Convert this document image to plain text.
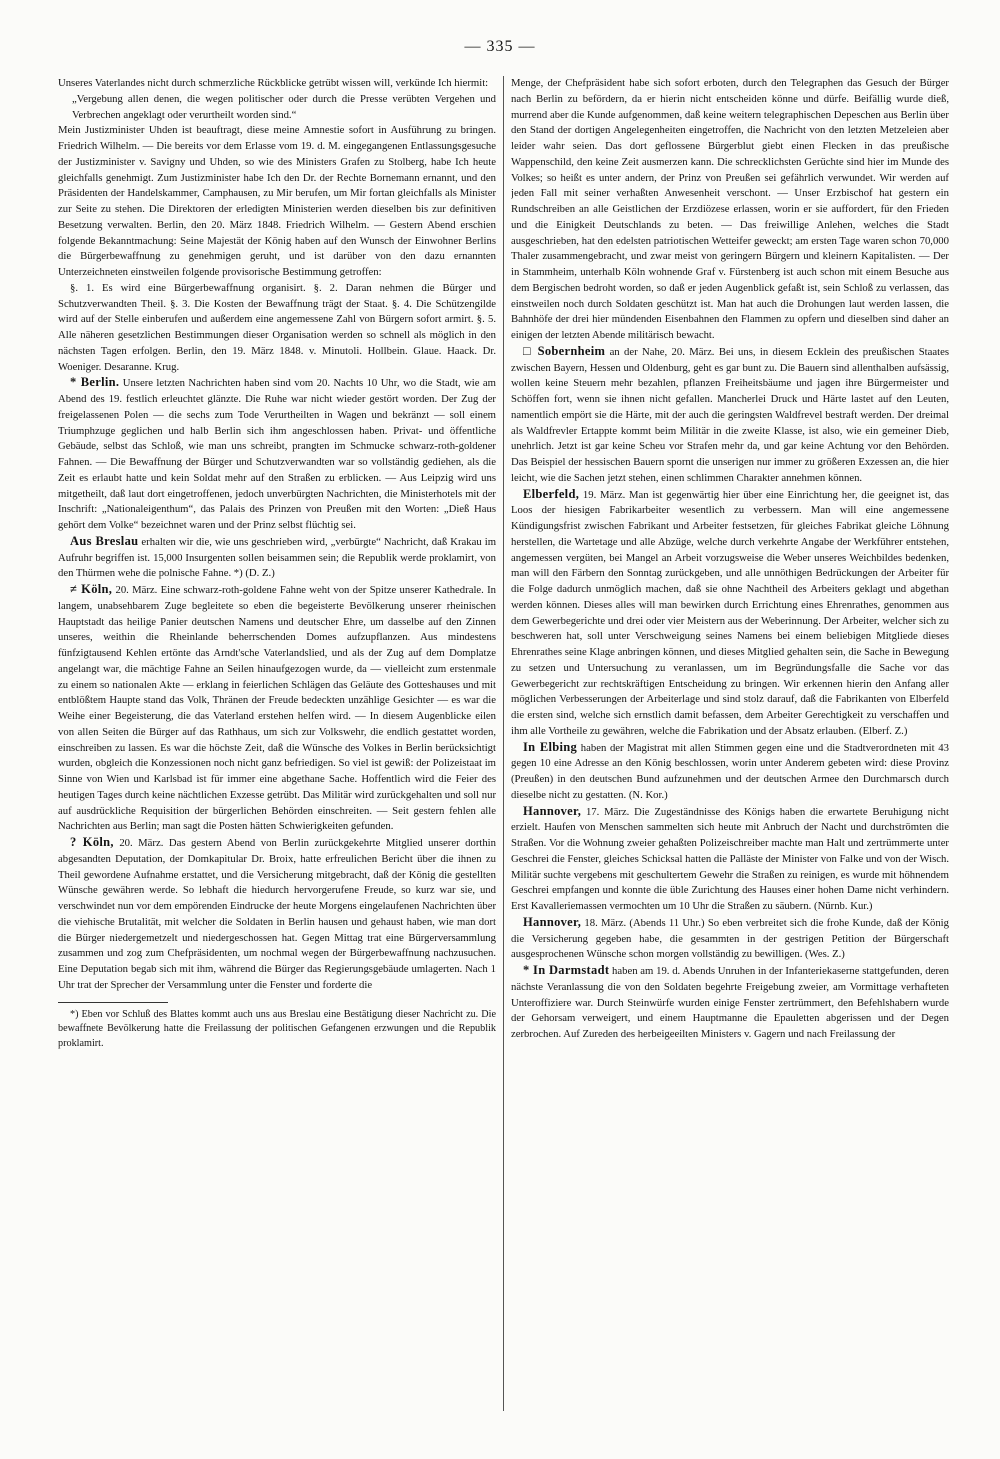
— 335 —

Unseres Vaterlandes nicht durch schmerzliche Rückblicke getrübt wissen will, verkünde Ich hiermit:

„Vergebung allen denen, die wegen politischer oder durch die Presse verübten Vergehen und Verbrechen angeklagt oder verurtheilt worden sind.“

Mein Justizminister Uhden ist beauftragt, diese meine Amnestie sofort in Ausführung zu bringen. Friedrich Wilhelm. — Die bereits vor dem Erlasse vom 19. d. M. eingegangenen Entlassungsgesuche der Justizminister v. Savigny und Uhden, so wie des Ministers Grafen zu Stolberg, habe Ich heute gleichfalls genehmigt. Zum Justizminister habe Ich den Dr. der Rechte Bornemann ernannt, und den Präsidenten der Handelskammer, Camphausen, zu Mir berufen, um Mir fortan gleichfalls als Minister zur Seite zu stehen. Die Direktoren der erledigten Ministerien werden dieselben bis zur definitiven Besetzung verwalten. Berlin, den 20. März 1848. Friedrich Wilhelm. — Gestern Abend erschien folgende Bekanntmachung: Seine Majestät der König haben auf den Wunsch der Einwohner Berlins die Bürgerbewaffnung zu genehmigen geruht, und ist darüber von den dazu ernannten Unterzeichneten einstweilen folgende provisorische Bestimmung getroffen:

§. 1. Es wird eine Bürgerbewaffnung organisirt. §. 2. Daran nehmen die Bürger und Schutzverwandten Theil. §. 3. Die Kosten der Bewaffnung trägt der Staat. §. 4. Die Schützengilde wird auf der Stelle einberufen und außerdem eine angemessene Zahl von Bürgern sofort armirt. §. 5. Alle näheren gesetzlichen Bestimmungen dieser Organisation werden so schnell als möglich in den nächsten Tagen erfolgen. Berlin, den 19. März 1848. v. Minutoli. Hollbein. Glaue. Haack. Dr. Woeniger. Desaranne. Krug.

* Berlin. Unsere letzten Nachrichten haben sind vom 20. Nachts 10 Uhr, wo die Stadt, wie am Abend des 19. festlich erleuchtet glänzte. Die Ruhe war nicht wieder gestört worden. Der Zug der freigelassenen Polen — die sechs zum Tode Verurtheilten in Wagen und bekränzt — soll einem Triumphzuge geglichen und halb Berlin sich ihm angeschlossen haben. Privat- und öffentliche Gebäude, selbst das Schloß, wie man uns schreibt, prangten im Schmucke schwarz-roth-goldener Fahnen. — Die Bewaffnung der Bürger und Schutzverwandten war so vollständig gediehen, als die Zeit es erlaubt hatte und kein Soldat mehr auf den Straßen zu erblicken. — Aus Leipzig wird uns mitgetheilt, daß laut dort eingetroffenen, jedoch unverbürgten Nachrichten, die Ministerhotels mit der Inschrift: „Nationaleigenthum“, das Palais des Prinzen von Preußen mit den Worten: „Dieß Haus gehört dem Volke“ bezeichnet waren und der Prinz selbst flüchtig sei.

Aus Breslau erhalten wir die, wie uns geschrieben wird, „verbürgte“ Nachricht, daß Krakau im Aufruhr begriffen ist. 15,000 Insurgenten sollen beisammen sein; die Republik werde proklamirt, von den Thürmen wehe die polnische Fahne. *) (D. Z.)

≠ Köln, 20. März. Eine schwarz-roth-goldene Fahne weht von der Spitze unserer Kathedrale. In langem, unabsehbarem Zuge begleitete so eben die begeisterte Bevölkerung unserer rheinischen Hauptstadt das heilige Panier deutschen Namens und deutscher Ehre, um dasselbe auf den Zinnen unseres, weithin die Rheinlande beherrschenden Domes aufzupflanzen. Aus mindestens fünfzigtausend Kehlen ertönte das Arndt'sche Vaterlandslied, und als der Zug auf dem Domplatze angelangt war, die mächtige Fahne an Seilen hinaufgezogen wurde, da — vielleicht zum erstenmale zu einem so nationalen Akte — erklang in feierlichen Schlägen das Geläute des Gotteshauses und mit entblößtem Haupte stand das Volk, Thränen der Freude bedeckten unzählige Gesichter — es war die Weihe einer Begeisterung, die das Vaterland erstehen helfen wird. — In diesem Augenblicke eilen von allen Seiten die Bürger auf das Rathhaus, um sich zur Volkswehr, die endlich gestattet worden, einschreiben zu lassen. Es war die höchste Zeit, daß die Wünsche des Volkes in Berlin berücksichtigt wurden, obgleich die Konzessionen noch nicht ganz befriedigen. So viel ist gewiß: der Polizeistaat im Sinne von Wien und Karlsbad ist für immer eine abgethane Sache. Hoffentlich wird die Feier des heutigen Tages durch keine nächtlichen Exzesse getrübt. Das Militär wird zurückgehalten und soll nur auf ausdrückliche Requisition der bürgerlichen Behörden einschreiten. — Seit gestern fehlen alle Nachrichten aus Berlin; man sagt die Posten hätten Schwierigkeiten gefunden.

? Köln, 20. März. Das gestern Abend von Berlin zurückgekehrte Mitglied unserer dorthin abgesandten Deputation, der Domkapitular Dr. Broix, hatte erfreulichen Bericht über die ihnen zu Theil gewordene Aufnahme erstattet, und die Versicherung mitgebracht, daß der König die gestellten Wünsche gewähren werde. So lebhaft die hiedurch hervorgerufene Freude, so kurz war sie, und verschwindet nun vor dem empörenden Eindrucke der heute Morgens eingelaufenen Nachrichten über die viehische Brutalität, mit welcher die Soldaten in Berlin hausen und gehaust haben, wie man dort die Bürger niedergemetzelt und niedergeschossen hat. Gegen Mittag trat eine Bürgerversammlung zusammen und zog zum Chefpräsidenten, um nochmal wegen der Bürgerbewaffnung nachzusuchen. Eine Deputation begab sich mit ihm, während die Bürger das Regierungsgebäude umlagerten. Nach 1 Uhr trat der Sprecher der Versammlung unter die Fenster und forderte die

*) Eben vor Schluß des Blattes kommt auch uns aus Breslau eine Bestätigung dieser Nachricht zu. Die bewaffnete Bevölkerung hatte die Freilassung der politischen Gefangenen erzwungen und die Republik proklamirt.

Menge, der Chefpräsident habe sich sofort erboten, durch den Telegraphen das Gesuch der Bürger nach Berlin zu befördern, da er hierin nicht entscheiden könne und dürfe. Beifällig wurde dieß, murrend aber die Kunde aufgenommen, daß keine weitern telegraphischen Depeschen aus Berlin über den Stand der dortigen Angelegenheiten eingetroffen, die Nachricht von den letzten Metzeleien aber leider wahr seien. Das dort geflossene Bürgerblut giebt einen Flecken in das preußische Wappenschild, den keine Zeit ausmerzen kann. Die schrecklichsten Gerüchte sind hier im Munde des Volkes; so heißt es unter andern, der Prinz von Preußen sei gefährlich verwundet. Wir werden auf jeden Fall mit seiner verhaßten Anwesenheit verschont. — Unser Erzbischof hat gestern ein Rundschreiben an alle Geistlichen der Erzdiözese erlassen, worin er sie auffordert, für den Frieden und die Einigkeit Deutschlands zu beten. — Das freiwillige Anlehen, welches die Stadt ausgeschrieben, hat den edelsten patriotischen Wetteifer geweckt; am ersten Tage waren schon 70,000 Thaler zusammengebracht, und zwar meist von geringern Bürgern und kleinern Kapitalisten. — Der in Stammheim, unterhalb Köln wohnende Graf v. Fürstenberg ist auch schon mit einem Besuche aus dem Bergischen bedroht worden, so daß er jeden Augenblick gefaßt ist, sein Schloß zu verlassen, das einstweilen noch durch Soldaten geschützt ist. Man hat auch die Drohungen laut werden lassen, die Bahnhöfe der drei hier mündenden Eisenbahnen den Flammen zu opfern und dieselben sind daher an einigen der letzten Abende militärisch bewacht.

□ Sobernheim an der Nahe, 20. März. Bei uns, in diesem Ecklein des preußischen Staates zwischen Bayern, Hessen und Oldenburg, geht es gar bunt zu. Die Bauern sind allenthalben aufsässig, wollen keine Steuern mehr bezahlen, pflanzen Freiheitsbäume und jagen ihre Bürgermeister und Schöffen fort, wenn sie ihnen nicht gefallen. Mancherlei Druck und Härte lastet auf den Leuten, namentlich empört sie die Härte, mit der auch die geringsten Waldfrevel bestraft werden. Der dreimal als Waldfrevler Ertappte kommt beim Militär in die zweite Klasse, ist also, wie ein gemeiner Dieb, unehrlich. Jetzt ist gar keine Scheu vor Strafen mehr da, und gar keine Achtung vor den Behörden. Das Beispiel der hessischen Bauern spornt die unserigen nur immer zu größeren Exzessen an, die hier leicht, wie die Sachen jetzt stehen, einen schlimmen Charakter annehmen können.

Elberfeld, 19. März. Man ist gegenwärtig hier über eine Einrichtung her, die geeignet ist, das Loos der hiesigen Fabrikarbeiter wesentlich zu verbessern. Man will eine angemessene Kündigungsfrist zwischen Fabrikant und Arbeiter festsetzen, für gleiches Fabrikat gleiche Löhnung herstellen, die Wartetage und alle Abzüge, welche durch verkehrte Angabe der Werkführer entstehen, angemessen vergüten, bei Mangel an Arbeit vorzugsweise die Weber unseres Weichbildes bedenken, man will den Färbern den Sonntag zurückgeben, und alle unnöthigen Bedrückungen der Arbeiter für die Folge dadurch unmöglich machen, daß sie ohne Nachtheil des Arbeiters geklagt und abgethan werden können. Dieses alles will man bewirken durch Errichtung eines Ehrenrathes, genommen aus dem Gewerbegerichte und drei oder vier Meistern aus der Weberinnung. Der Arbeiter, welcher sich zu beschweren hat, soll unter Verschweigung seines Namens bei einem beliebigen Mitgliede dieses Ehrenrathes seine Klage anbringen können, und dieses Mitglied gehalten sein, die Sache in Bewegung zu setzen und Untersuchung zu veranlassen, um im Begründungsfalle die Sache vor das Gewerbegericht zur rechtskräftigen Entscheidung zu bringen. Wir erkennen hierin den Anfang aller möglichen Verbesserungen der Arbeiterlage und sind stolz darauf, daß die Fabrikanten von Elberfeld die ersten sind, welche sich ernstlich damit befassen, dem Arbeiter Gerechtigkeit zu verschaffen und ihm alle Vortheile zu gewähren, welche die Fabrikation und der Absatz erlauben. (Elberf. Z.)

In Elbing haben der Magistrat mit allen Stimmen gegen eine und die Stadtverordneten mit 43 gegen 10 eine Adresse an den König beschlossen, worin unter Anderem gebeten wird: diese Provinz (Preußen) in den deutschen Bund aufzunehmen und der deutschen Armee den Durchmarsch durch dieselbe nicht zu gestatten. (N. Kor.)

Hannover, 17. März. Die Zugeständnisse des Königs haben die erwartete Beruhigung nicht erzielt. Haufen von Menschen sammelten sich heute mit Anbruch der Nacht und durchströmten die Straßen. Vor die Wohnung zweier gehaßten Polizeischreiber machte man Halt und zertrümmerte unter Geschrei die Fenster, gleiches Schicksal hatten die Palläste der Minister von Falke und von der Wisch. Militär suchte vergebens mit geschultertem Gewehr die Straßen zu reinigen, es wurde mit höhnendem Geschrei empfangen und konnte die üble Zurichtung des Hauses einer hohen Dame nicht verhindern. Erst Kavalleriemassen vermochten um 10 Uhr die Straßen zu säubern. (Nürnb. Kur.)

Hannover, 18. März. (Abends 11 Uhr.) So eben verbreitet sich die frohe Kunde, daß der König die Versicherung gegeben habe, die gesammten in der gestrigen Petition der Bürgerschaft ausgesprochenen Wünsche schon morgen vollständig zu bewilligen. (Wes. Z.)

* In Darmstadt haben am 19. d. Abends Unruhen in der Infanteriekaserne stattgefunden, deren nächste Veranlassung die von den Soldaten begehrte Freigebung zweier, am Vormittage verhafteten Unteroffiziere war. Durch Steinwürfe wurden einige Fenster zertrümmert, den Befehlshabern wurde der Gehorsam verweigert, und einem Hauptmanne die Epauletten abgerissen und der Degen zerbrochen. Auf Zureden des herbeigeeilten Ministers v. Gagern und nach Freilassung der
